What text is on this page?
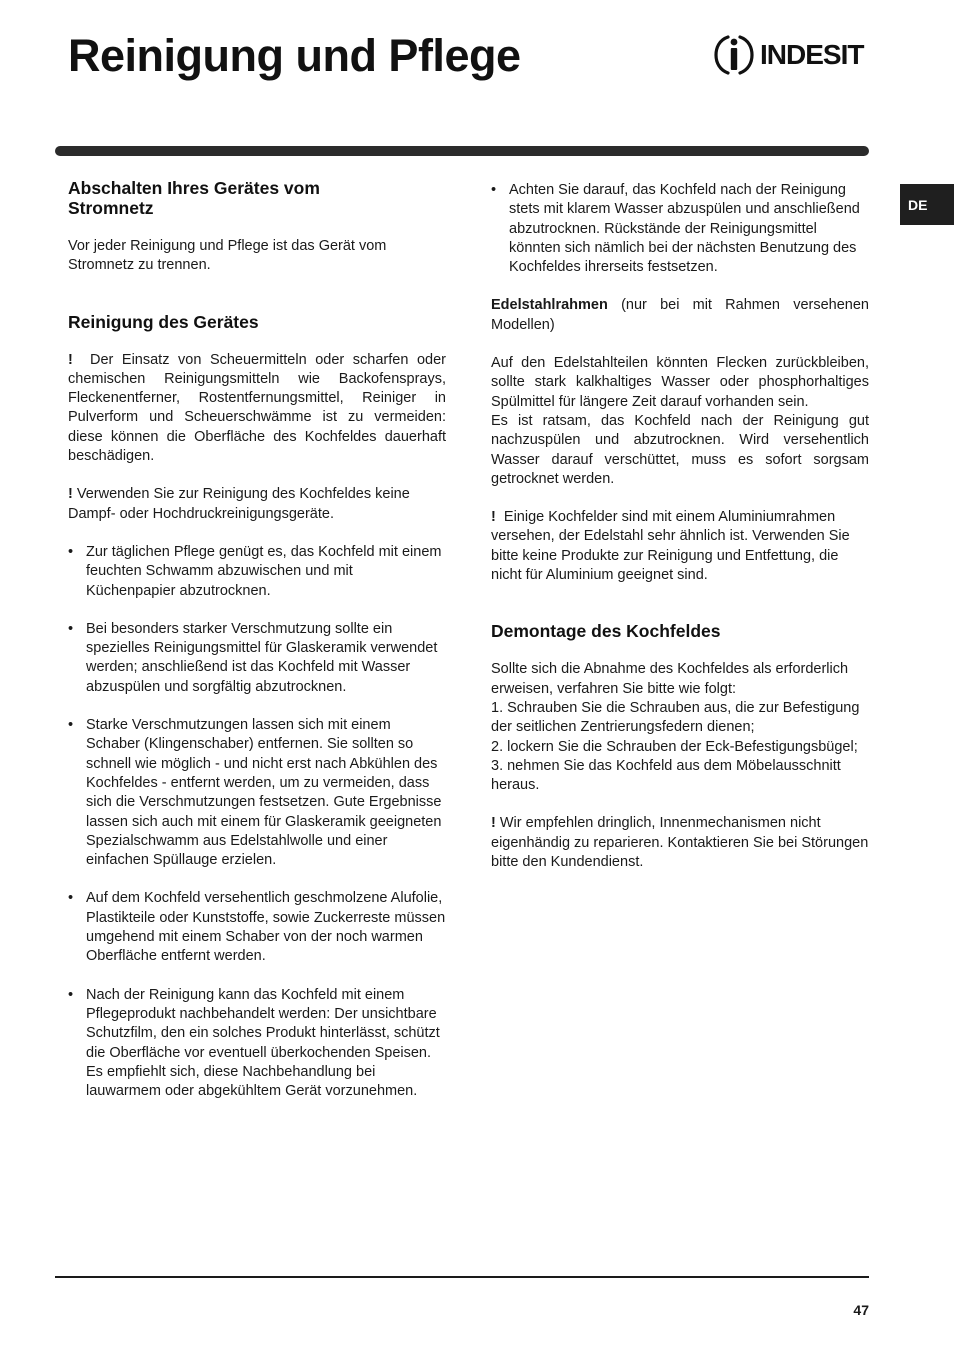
Reinigung und Pflege	INDESIT
DE
Abschalten Ihres Gerätes vom Stromnetz

Vor jeder Reinigung und Pflege ist das Gerät vom Stromnetz zu trennen.

Reinigung des Gerätes

! Der Einsatz von Scheuermitteln oder scharfen oder chemischen Reinigungsmitteln wie Backofensprays, Fleckenentferner, Rostentfernungsmittel, Reiniger in Pulverform und Scheuerschwämme ist zu vermeiden: diese können die Oberfläche des Kochfeldes dauerhaft beschädigen.

! Verwenden Sie zur Reinigung des Kochfeldes keine Dampf- oder Hochdruckreinigungsgeräte.

• Zur täglichen Pflege genügt es, das Kochfeld mit einem feuchten Schwamm abzuwischen und mit Küchenpapier abzutrocknen.

• Bei besonders starker Verschmutzung sollte ein spezielles Reinigungsmittel für Glaskeramik verwendet werden; anschließend ist das Kochfeld mit Wasser abzuspülen und sorgfältig abzutrocknen.

• Starke Verschmutzungen lassen sich mit einem Schaber (Klingenschaber) entfernen. Sie sollten so schnell wie möglich - und nicht erst nach Abkühlen des Kochfeldes - entfernt werden, um zu vermeiden, dass sich die Verschmutzungen festsetzen. Gute Ergebnisse lassen sich auch mit einem für Glaskeramik geeigneten Spezialschwamm aus Edelstahlwolle und einer einfachen Spüllauge erzielen.

• Auf dem Kochfeld versehentlich geschmolzene Alufolie, Plastikteile oder Kunststoffe, sowie Zuckerreste müssen umgehend mit einem Schaber von der noch warmen Oberfläche entfernt werden.

• Nach der Reinigung kann das Kochfeld mit einem Pflegeprodukt nachbehandelt werden: Der unsichtbare Schutzfilm, den ein solches Produkt hinterlässt, schützt die Oberfläche vor eventuell überkochenden Speisen. Es empfiehlt sich, diese Nachbehandlung bei lauwarmem oder abgekühltem Gerät vorzunehmen.

• Achten Sie darauf, das Kochfeld nach der Reinigung stets mit klarem Wasser abzuspülen und anschließend abzutrocknen. Rückstände der Reinigungsmittel könnten sich nämlich bei der nächsten Benutzung des Kochfeldes ihrerseits festsetzen.

Edelstahlrahmen (nur bei mit Rahmen versehenen Modellen)

Auf den Edelstahlteilen könnten Flecken zurückbleiben, sollte stark kalkhaltiges Wasser oder phosphorhaltiges Spülmittel für längere Zeit darauf vorhanden sein.

Es ist ratsam, das Kochfeld nach der Reinigung gut nachzuspülen und abzutrocknen. Wird versehentlich Wasser darauf verschüttet, muss es sofort sorgsam getrocknet werden.

! Einige Kochfelder sind mit einem Aluminiumrahmen versehen, der Edelstahl sehr ähnlich ist. Verwenden Sie bitte keine Produkte zur Reinigung und Entfettung, die nicht für Aluminium geeignet sind.

Demontage des Kochfeldes

Sollte sich die Abnahme des Kochfeldes als erforderlich erweisen, verfahren Sie bitte wie folgt:

1. Schrauben Sie die Schrauben aus, die zur Befestigung der seitlichen Zentrierungsfedern dienen;

2. lockern Sie die Schrauben der Eck-Befestigungsbügel;

3. nehmen Sie das Kochfeld aus dem Möbelausschnitt heraus.

! Wir empfehlen dringlich, Innenmechanismen nicht eigenhändig zu reparieren. Kontaktieren Sie bei Störungen bitte den Kundendienst.

47
